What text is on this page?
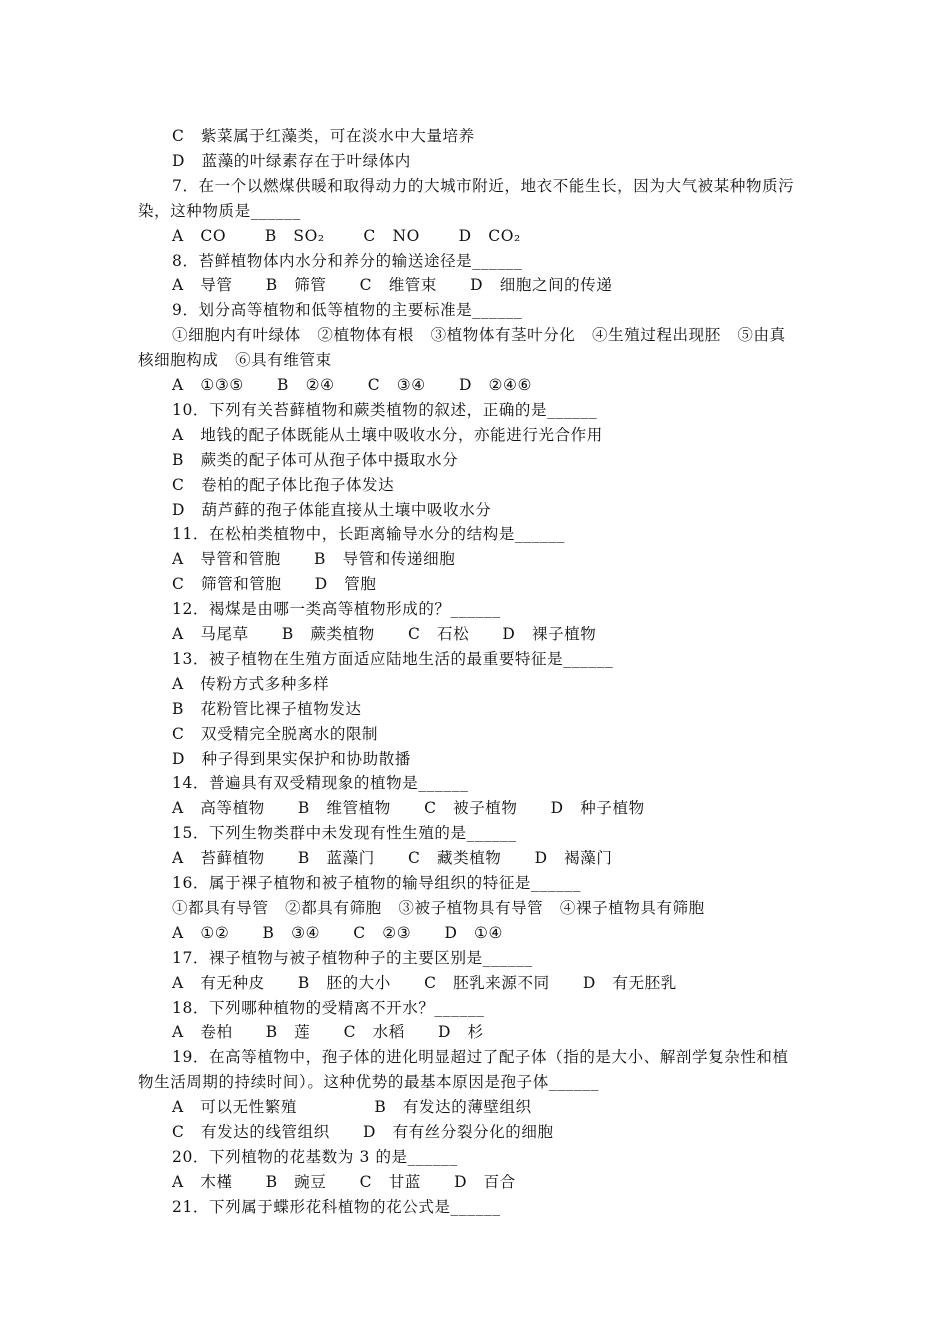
C   紫菜属于红藻类，可在淡水中大量培养
D   蓝藻的叶绿素存在于叶绿体内
7．在一个以燃煤供暖和取得动力的大城市附近，地衣不能生长，因为大气被某种物质污
染，这种物质是______
A   CO       B   SO₂       C   NO       D   CO₂
8．苔鲜植物体内水分和养分的输送途径是______
A   导管      B   筛管      C   维管束      D   细胞之间的传递
9．划分高等植物和低等植物的主要标准是______
①细胞内有叶绿体   ②植物体有根   ③植物体有茎叶分化   ④生殖过程出现胚   ⑤由真
核细胞构成   ⑥具有维管束
A   ①③⑤      B   ②④      C   ③④      D   ②④⑥
10．下列有关苔藓植物和蕨类植物的叙述，正确的是______
A   地钱的配子体既能从土壤中吸收水分，亦能进行光合作用
B   蕨类的配子体可从孢子体中摄取水分
C   卷柏的配子体比孢子体发达
D   葫芦藓的孢子体能直接从土壤中吸收水分
11．在松柏类植物中，长距离输导水分的结构是______
A   导管和管胞      B   导管和传递细胞
C   筛管和管胞      D   管胞
12．褐煤是由哪一类高等植物形成的？______
A   马尾草      B   蕨类植物      C   石松      D   裸子植物
13．被子植物在生殖方面适应陆地生活的最重要特征是______
A   传粉方式多种多样
B   花粉管比裸子植物发达
C   双受精完全脱离水的限制
D   种子得到果实保护和协助散播
14．普遍具有双受精现象的植物是______
A   高等植物      B   维管植物      C   被子植物      D   种子植物
15．下列生物类群中未发现有性生殖的是______
A   苔藓植物      B   蓝藻门      C   藏类植物      D   褐藻门
16．属于裸子植物和被子植物的输导组织的特征是______
①都具有导管   ②都具有筛胞   ③被子植物具有导管   ④裸子植物具有筛胞
A   ①②      B   ③④      C   ②③      D   ①④
17．裸子植物与被子植物种子的主要区别是______
A   有无种皮      B   胚的大小      C   胚乳来源不同      D   有无胚乳
18．下列哪种植物的受精离不开水？______
A   卷柏      B   莲      C   水稻      D   杉
19．在高等植物中，孢子体的进化明显超过了配子体（指的是大小、解剖学复杂性和植
物生活周期的持续时间）。这种优势的最基本原因是孢子体______
A   可以无性繁殖              B   有发达的薄壁组织
C   有发达的线管组织      D   有有丝分裂分化的细胞
20．下列植物的花基数为 3 的是______
A   木槿      B   豌豆      C   甘蓝      D   百合
21．下列属于蝶形花科植物的花公式是______
